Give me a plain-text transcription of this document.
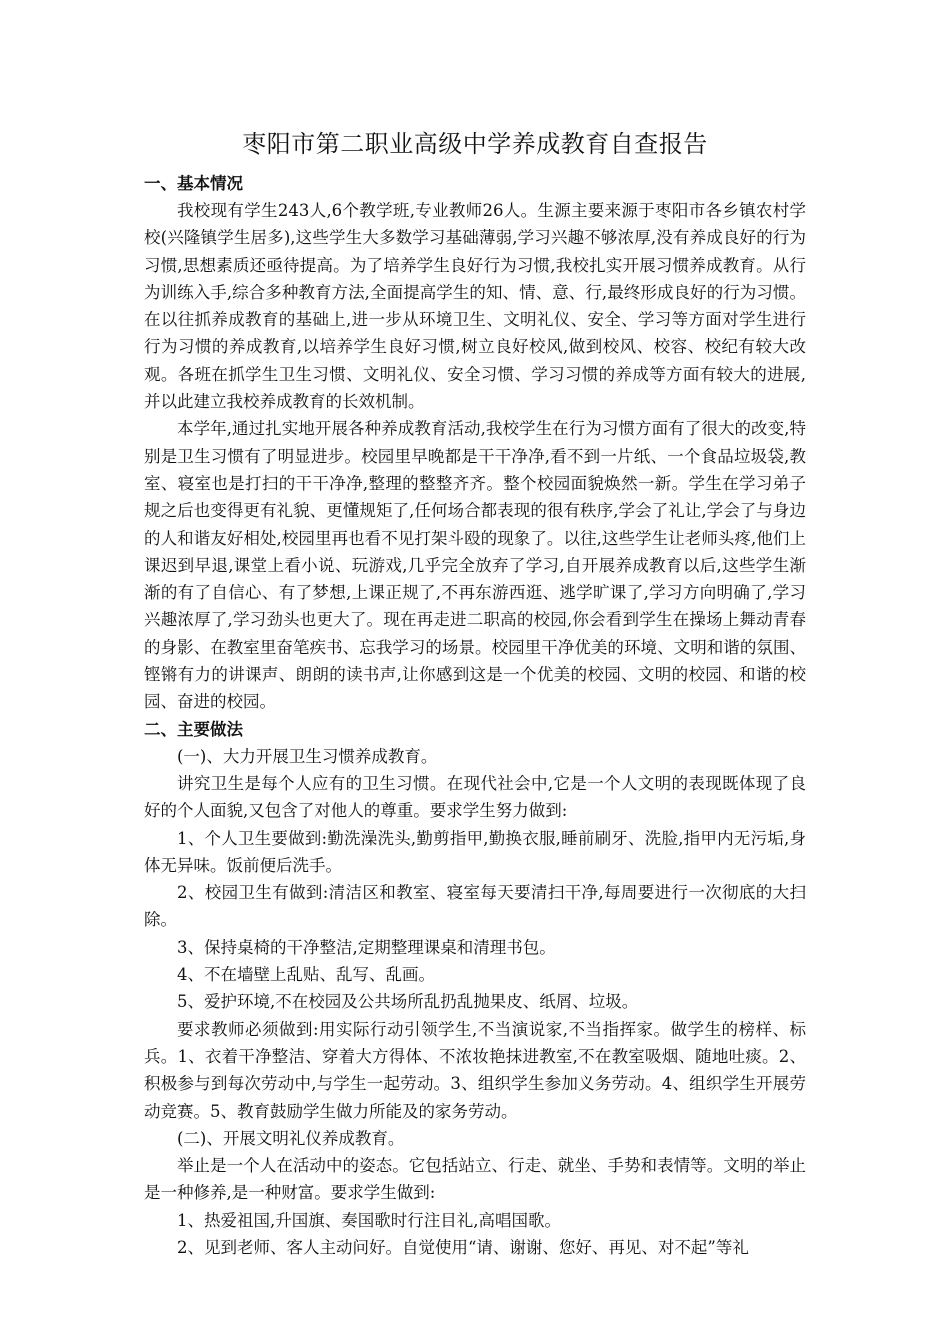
枣阳市第二职业高级中学养成教育自查报告
一、基本情况

我校现有学生243人,6个教学班,专业教师26人。生源主要来源于枣阳市各乡镇农村学校(兴隆镇学生居多),这些学生大多数学习基础薄弱,学习兴趣不够浓厚,没有养成良好的行为习惯,思想素质还亟待提高。为了培养学生良好行为习惯,我校扎实开展习惯养成教育。从行为训练入手,综合多种教育方法,全面提高学生的知、情、意、行,最终形成良好的行为习惯。在以往抓养成教育的基础上,进一步从环境卫生、文明礼仪、安全、学习等方面对学生进行行为习惯的养成教育,以培养学生良好习惯,树立良好校风,做到校风、校容、校纪有较大改观。各班在抓学生卫生习惯、文明礼仪、安全习惯、学习习惯的养成等方面有较大的进展,并以此建立我校养成教育的长效机制。

本学年,通过扎实地开展各种养成教育活动,我校学生在行为习惯方面有了很大的改变,特别是卫生习惯有了明显进步。校园里早晚都是干干净净,看不到一片纸、一个食品垃圾袋,教室、寝室也是打扫的干干净净,整理的整整齐齐。整个校园面貌焕然一新。学生在学习弟子规之后也变得更有礼貌、更懂规矩了,任何场合都表现的很有秩序,学会了礼让,学会了与身边的人和谐友好相处,校园里再也看不见打架斗殴的现象了。以往,这些学生让老师头疼,他们上课迟到早退,课堂上看小说、玩游戏,几乎完全放弃了学习,自开展养成教育以后,这些学生渐渐的有了自信心、有了梦想,上课正规了,不再东游西逛、逃学旷课了,学习方向明确了,学习兴趣浓厚了,学习劲头也更大了。现在再走进二职高的校园,你会看到学生在操场上舞动青春的身影、在教室里奋笔疾书、忘我学习的场景。校园里干净优美的环境、文明和谐的氛围、铿锵有力的讲课声、朗朗的读书声,让你感到这是一个优美的校园、文明的校园、和谐的校园、奋进的校园。

二、主要做法

(一)、大力开展卫生习惯养成教育。

讲究卫生是每个人应有的卫生习惯。在现代社会中,它是一个人文明的表现既体现了良好的个人面貌,又包含了对他人的尊重。要求学生努力做到:

1、个人卫生要做到:勤洗澡洗头,勤剪指甲,勤换衣服,睡前刷牙、洗脸,指甲内无污垢,身体无异味。饭前便后洗手。

2、校园卫生有做到:清洁区和教室、寝室每天要清扫干净,每周要进行一次彻底的大扫除。

3、保持桌椅的干净整洁,定期整理课桌和清理书包。

4、不在墙壁上乱贴、乱写、乱画。

5、爱护环境,不在校园及公共场所乱扔乱抛果皮、纸屑、垃圾。

要求教师必须做到:用实际行动引领学生,不当演说家,不当指挥家。做学生的榜样、标兵。1、衣着干净整洁、穿着大方得体、不浓妆艳抹进教室,不在教室吸烟、随地吐痰。2、积极参与到每次劳动中,与学生一起劳动。3、组织学生参加义务劳动。4、组织学生开展劳动竞赛。5、教育鼓励学生做力所能及的家务劳动。

(二)、开展文明礼仪养成教育。

举止是一个人在活动中的姿态。它包括站立、行走、就坐、手势和表情等。文明的举止是一种修养,是一种财富。要求学生做到:

1、热爱祖国,升国旗、奏国歌时行注目礼,高唱国歌。

2、见到老师、客人主动问好。自觉使用“请、谢谢、您好、再见、对不起”等礼
